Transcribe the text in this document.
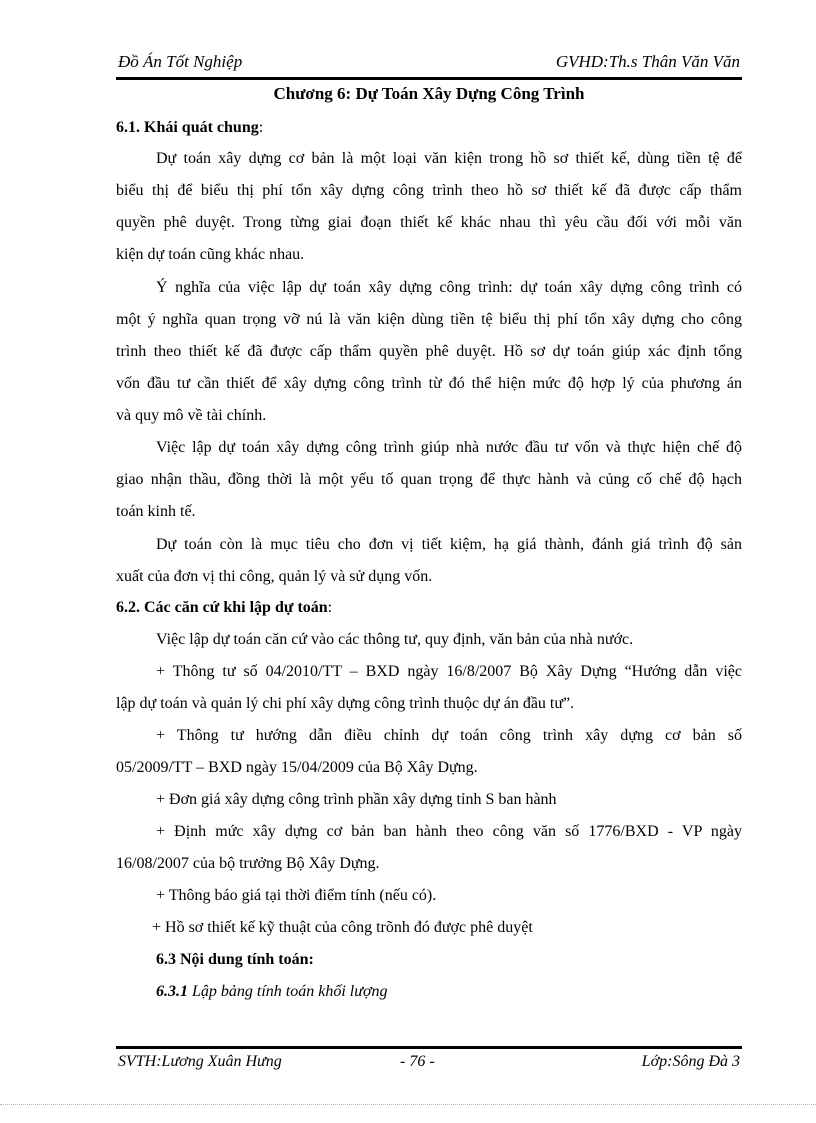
Đồ Án Tốt Nghiệp	GVHD:Th.s Thân Văn Văn
Chương 6: Dự Toán Xây Dựng Công Trình
6.1. Khái quát chung:
Dự toán xây dựng cơ bản là một loại văn kiện trong hồ sơ thiết kế, dùng tiền tệ để
biểu thị để biểu thị phí tổn xây dựng công trình theo hồ sơ thiết kế đã được cấp thẩm
quyền phê duyệt. Trong từng giai đoạn thiết kế khác nhau thì yêu cầu đối với mỗi văn
kiện dự toán cũng khác nhau.
Ý nghĩa của việc lập dự toán xây dựng công trình: dự toán xây dựng công trình có
một ý nghĩa quan trọng vỡ nú là văn kiện dùng tiền tệ biểu thị phí tổn xây dựng cho công
trình theo thiết kế đã được cấp thẩm quyền phê duyệt. Hồ sơ dự toán giúp xác định tổng
vốn đầu tư cần thiết để xây dựng công trình từ đó thể hiện mức độ hợp lý của phương án
và quy mô về tài chính.
Việc lập dự toán xây dựng công trình giúp nhà nước đầu tư vốn và thực hiện chế độ
giao nhận thầu, đồng thời là một yếu tố quan trọng để thực hành và củng cố chế độ hạch
toán kinh tế.
Dự toán còn là mục tiêu cho đơn vị tiết kiệm, hạ giá thành, đánh giá trình độ sản
xuất của đơn vị thi công, quản lý và sử dụng vốn.
6.2. Các căn cứ khi lập dự toán:
Việc lập dự toán căn cứ vào các thông tư, quy định, văn bản của nhà nước.
+ Thông tư số 04/2010/TT – BXD ngày 16/8/2007 Bộ Xây Dựng “Hướng dẫn việc
lập dự toán và quản lý chi phí xây dựng công trình thuộc dự án đầu tư”.
+ Thông tư hướng dẫn điều chỉnh dự toán công trình xây dựng cơ bản số
05/2009/TT – BXD ngày 15/04/2009 của Bộ Xây Dựng.
+ Đơn giá xây dựng công trình phần xây dựng tỉnh S ban hành
+ Định mức xây dựng cơ bản ban hành theo công văn số 1776/BXD - VP ngày
16/08/2007 của bộ trưởng Bộ Xây Dựng.
+ Thông báo giá tại thời điểm tính (nếu có).
+ Hồ sơ thiết kế kỹ thuật của công trõnh đó được phê duyệt
6.3 Nội dung tính toán:
6.3.1 Lập bảng tính toán khối lượng
SVTH:Lương Xuân Hưng	- 76 -	Lớp:Sông Đà 3
